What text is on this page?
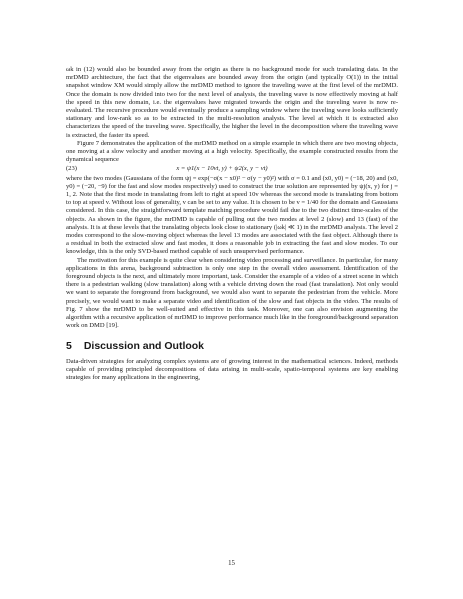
ωk in (12) would also be bounded away from the origin as there is no background mode for such translating data. In the mrDMD architecture, the fact that the eigenvalues are bounded away from the origin (and typically O(1)) in the initial snapshot window XM would simply allow the mrDMD method to ignore the traveling wave at the first level of the mrDMD. Once the domain is now divided into two for the next level of analysis, the traveling wave is now effectively moving at half the speed in this new domain, i.e. the eigenvalues have migrated towards the origin and the traveling wave is now re-evaluated. The recursive procedure would eventually produce a sampling window where the traveling wave looks sufficiently stationary and low-rank so as to be extracted in the multi-resolution analysis. The level at which it is extracted also characterizes the speed of the traveling wave. Specifically, the higher the level in the decomposition where the traveling wave is extracted, the faster its speed.

Figure 7 demonstrates the application of the mrDMD method on a simple example in which there are two moving objects, one moving at a slow velocity and another moving at a high velocity. Specifically, the example constructed results from the dynamical sequence

(23)	x = ψ1(x − 10vt, y) + ψ2(x, y − vt)

where the two modes (Gaussians of the form ψj = exp(−σ(x − x0)² − σ(y − y0)²) with σ = 0.1 and (x0, y0) = (−18, 20) and (x0, y0) = (−20, −9) for the fast and slow modes respectively) used to construct the true solution are represented by ψj(x, y) for j = 1, 2. Note that the first mode in translating from left to right at speed 10v whereas the second mode is translating from bottom to top at speed v. Without loss of generality, v can be set to any value. It is chosen to be v = 1/40 for the domain and Gaussians considered. In this case, the straightforward template matching procedure would fail due to the two distinct time-scales of the objects. As shown in the figure, the mrDMD is capable of pulling out the two modes at level 2 (slow) and 13 (fast) of the analysis. It is at these levels that the translating objects look close to stationary (|ωk| ≪ 1) in the mrDMD analysis. The level 2 modes correspond to the slow-moving object whereas the level 13 modes are associated with the fast object. Although there is a residual in both the extracted slow and fast modes, it does a reasonable job in extracting the fast and slow modes. To our knowledge, this is the only SVD-based method capable of such unsupervised performance.

The motivation for this example is quite clear when considering video processing and surveillance. In particular, for many applications in this arena, background subtraction is only one step in the overall video assessment. Identification of the foreground objects is the next, and ultimately more important, task. Consider the example of a video of a street scene in which there is a pedestrian walking (slow translation) along with a vehicle driving down the road (fast translation). Not only would we want to separate the foreground from background, we would also want to separate the pedestrian from the vehicle. More precisely, we would want to make a separate video and identification of the slow and fast objects in the video. The results of Fig. 7 show the mrDMD to be well-suited and effective in this task. Moreover, one can also envision augmenting the algorithm with a recursive application of mrDMD to improve performance much like in the foreground/background separation work on DMD [19].

5 Discussion and Outlook

Data-driven strategies for analyzing complex systems are of growing interest in the mathematical sciences. Indeed, methods capable of providing principled decompositions of data arising in multi-scale, spatio-temporal systems are key enabling strategies for many applications in the engineering,

15
